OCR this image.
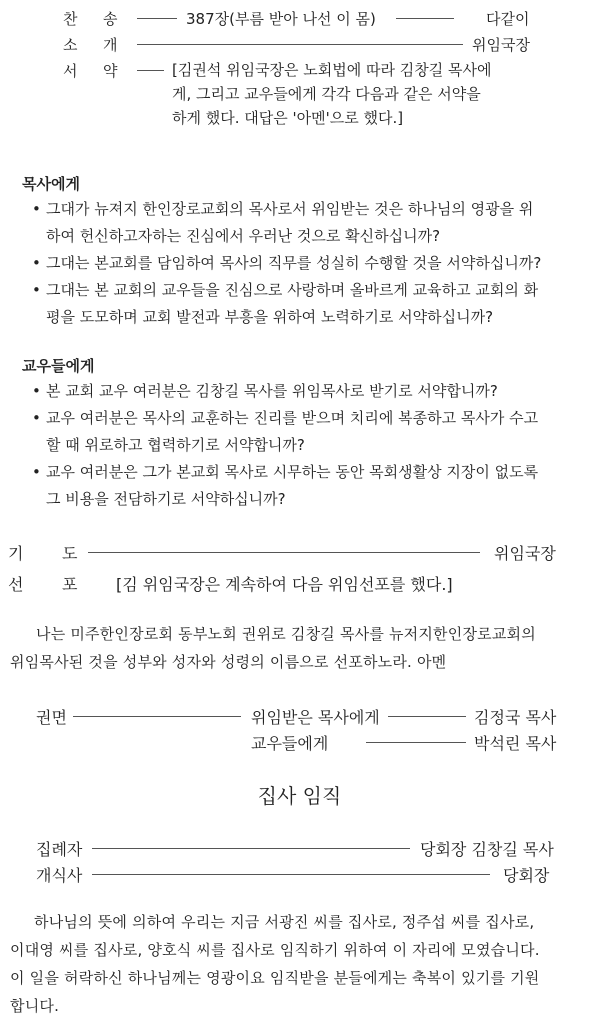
찬 송	387장(부름 받아 나선 이 몸)	다같이
소 개	위임국장
서 약	[김권석 위임국장은 노회법에 따라 김창길 목사에
게, 그리고 교우들에게 각각 다음과 같은 서약을
하게 했다. 대답은 '아멘'으로 했다.]
목사에게
• 그대가 뉴져지 한인장로교회의 목사로서 위임받는 것은 하나님의 영광을 위
하여 헌신하고자하는 진심에서 우러난 것으로 확신하십니까?
• 그대는 본교회를 담임하여 목사의 직무를 성실히 수행할 것을 서약하십니까?
• 그대는 본 교회의 교우들을 진심으로 사랑하며 올바르게 교육하고 교회의 화
평을 도모하며 교회 발전과 부흥을 위하여 노력하기로 서약하십니까?
교우들에게
• 본 교회 교우 여러분은 김창길 목사를 위임목사로 받기로 서약합니까?
• 교우 여러분은 목사의 교훈하는 진리를 받으며 치리에 복종하고 목사가 수고
할 때 위로하고 협력하기로 서약합니까?
• 교우 여러분은 그가 본교회 목사로 시무하는 동안 목회생활상 지장이 없도록
그 비용을 전담하기로 서약하십니까?
기 도	위임국장
선 포 [김 위임국장은 계속하여 다음 위임선포를 했다.]
나는 미주한인장로회 동부노회 권위로 김창길 목사를 뉴저지한인장로교회의
위임목사된 것을 성부와 성자와 성령의 이름으로 선포하노라. 아멘
권면	위임받은 목사에게	김정국 목사
교우들에게	박석린 목사
집사 임직
집례자	당회장 김창길 목사
개식사	당회장
하나님의 뜻에 의하여 우리는 지금 서광진 씨를 집사로, 정주섭 씨를 집사로,
이대영 씨를 집사로, 양호식 씨를 집사로 임직하기 위하여 이 자리에 모였습니다.
이 일을 허락하신 하나님께는 영광이요 임직받을 분들에게는 축복이 있기를 기원
합니다.
